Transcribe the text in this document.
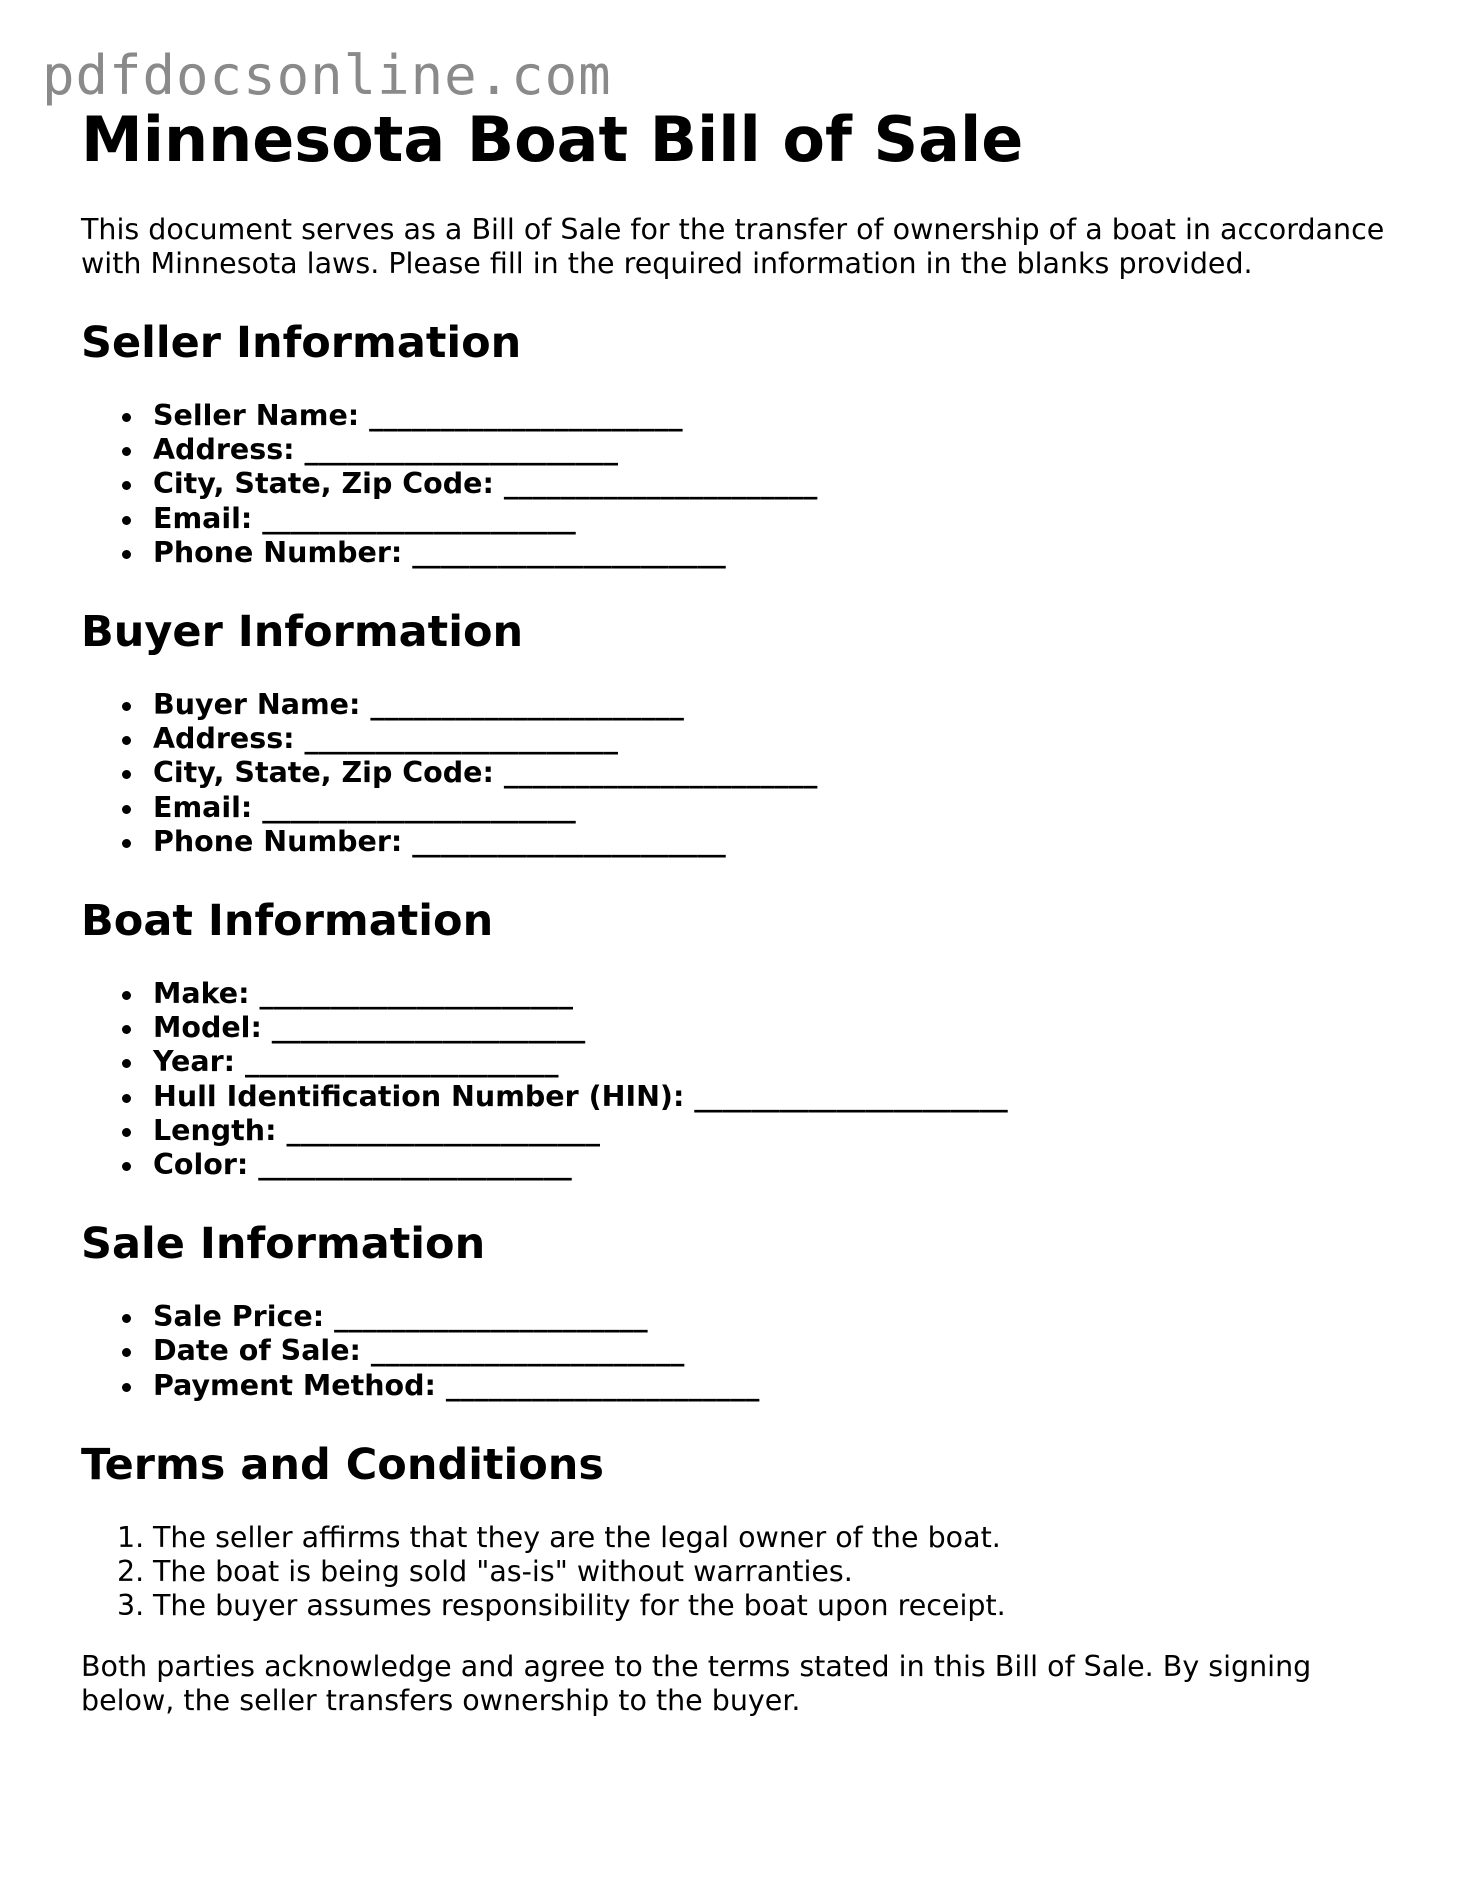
pdfdocsonline.com
Minnesota Boat Bill of Sale

This document serves as a Bill of Sale for the transfer of ownership of a boat in accordance with Minnesota laws. Please fill in the required information in the blanks provided.

Seller Information
Seller Name: ______________________
Address: ______________________
City, State, Zip Code: ______________________
Email: ______________________
Phone Number: ______________________
Buyer Information
Buyer Name: ______________________
Address: ______________________
City, State, Zip Code: ______________________
Email: ______________________
Phone Number: ______________________
Boat Information
Make: ______________________
Model: ______________________
Year: ______________________
Hull Identification Number (HIN): ______________________
Length: ______________________
Color: ______________________
Sale Information
Sale Price: ______________________
Date of Sale: ______________________
Payment Method: ______________________
Terms and Conditions
1. The seller affirms that they are the legal owner of the boat.
2. The boat is being sold "as-is" without warranties.
3. The buyer assumes responsibility for the boat upon receipt.

Both parties acknowledge and agree to the terms stated in this Bill of Sale. By signing below, the seller transfers ownership to the buyer.
